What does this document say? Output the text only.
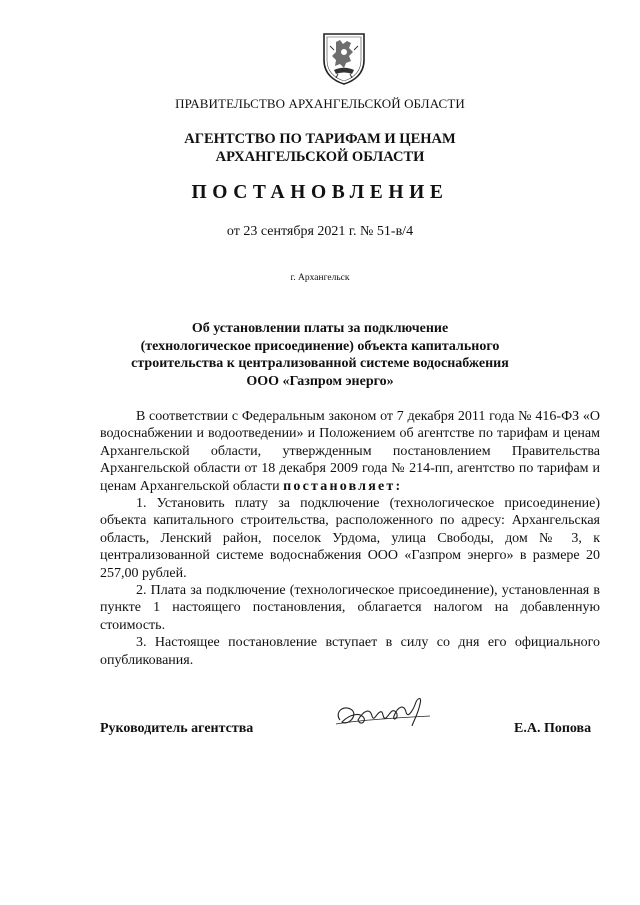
ПРАВИТЕЛЬСТВО АРХАНГЕЛЬСКОЙ ОБЛАСТИ
АГЕНТСТВО ПО ТАРИФАМ И ЦЕНАМ
АРХАНГЕЛЬСКОЙ ОБЛАСТИ
ПОСТАНОВЛЕНИЕ
от 23 сентября 2021 г. № 51-в/4
г. Архангельск
Об установлении платы за подключение
(технологическое присоединение) объекта капитального
строительства к централизованной системе водоснабжения
ООО «Газпром энерго»

В соответствии с Федеральным законом от 7 декабря 2011 года № 416-ФЗ «О водоснабжении и водоотведении» и Положением об агентстве по тарифам и ценам Архангельской области, утвержденным постановлением Правительства Архангельской области от 18 декабря 2009 года № 214-пп, агентство по тарифам и ценам Архангельской области постановляет:

1. Установить плату за подключение (технологическое присоединение) объекта капитального строительства, расположенного по адресу: Архангельская область, Ленский район, поселок Урдома, улица Свободы, дом № 3, к централизованной системе водоснабжения ООО «Газпром энерго» в размере 20 257,00 рублей.

2. Плата за подключение (технологическое присоединение), установленная в пункте 1 настоящего постановления, облагается налогом на добавленную стоимость.

3. Настоящее постановление вступает в силу со дня его официального опубликования.

Руководитель агентства	Е.А. Попова
